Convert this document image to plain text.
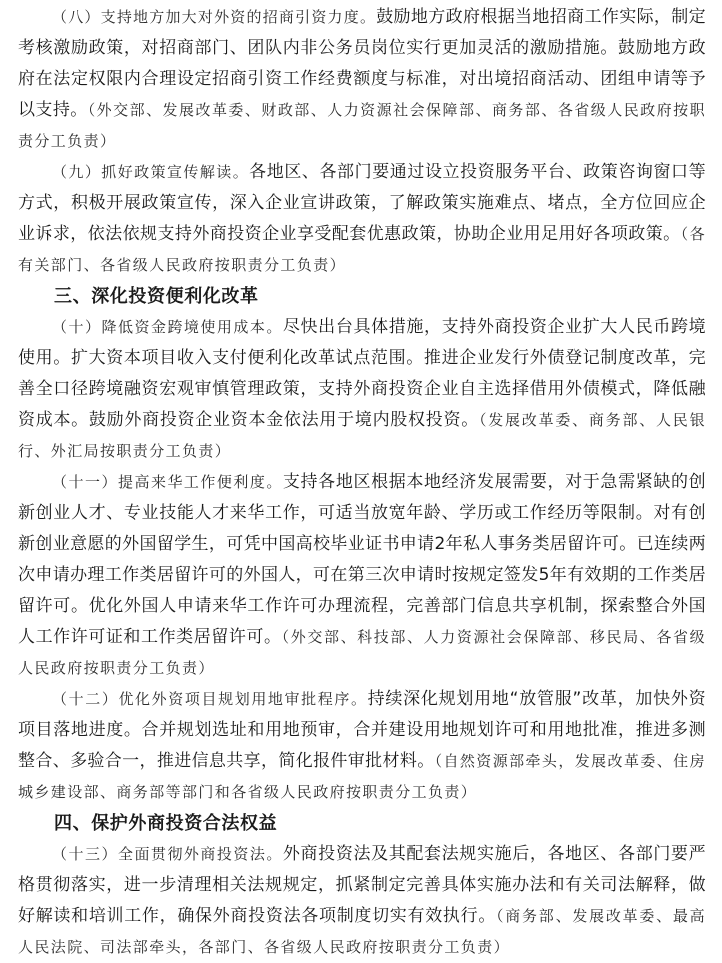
（八）支持地方加大对外资的招商引资力度。鼓励地方政府根据当地招商工作实际，制定考核激励政策，对招商部门、团队内非公务员岗位实行更加灵活的激励措施。鼓励地方政府在法定权限内合理设定招商引资工作经费额度与标准，对出境招商活动、团组申请等予以支持。（外交部、发展改革委、财政部、人力资源社会保障部、商务部、各省级人民政府按职责分工负责）

（九）抓好政策宣传解读。各地区、各部门要通过设立投资服务平台、政策咨询窗口等方式，积极开展政策宣传，深入企业宣讲政策，了解政策实施难点、堵点，全方位回应企业诉求，依法依规支持外商投资企业享受配套优惠政策，协助企业用足用好各项政策。（各有关部门、各省级人民政府按职责分工负责）

三、深化投资便利化改革

（十）降低资金跨境使用成本。尽快出台具体措施，支持外商投资企业扩大人民币跨境使用。扩大资本项目收入支付便利化改革试点范围。推进企业发行外债登记制度改革，完善全口径跨境融资宏观审慎管理政策，支持外商投资企业自主选择借用外债模式，降低融资成本。鼓励外商投资企业资本金依法用于境内股权投资。（发展改革委、商务部、人民银行、外汇局按职责分工负责）

（十一）提高来华工作便利度。支持各地区根据本地经济发展需要，对于急需紧缺的创新创业人才、专业技能人才来华工作，可适当放宽年龄、学历或工作经历等限制。对有创新创业意愿的外国留学生，可凭中国高校毕业证书申请2年私人事务类居留许可。已连续两次申请办理工作类居留许可的外国人，可在第三次申请时按规定签发5年有效期的工作类居留许可。优化外国人申请来华工作许可办理流程，完善部门信息共享机制，探索整合外国人工作许可证和工作类居留许可。（外交部、科技部、人力资源社会保障部、移民局、各省级人民政府按职责分工负责）

（十二）优化外资项目规划用地审批程序。持续深化规划用地“放管服”改革，加快外资项目落地进度。合并规划选址和用地预审，合并建设用地规划许可和用地批准，推进多测整合、多验合一，推进信息共享，简化报件审批材料。（自然资源部牵头，发展改革委、住房城乡建设部、商务部等部门和各省级人民政府按职责分工负责）

四、保护外商投资合法权益

（十三）全面贯彻外商投资法。外商投资法及其配套法规实施后，各地区、各部门要严格贯彻落实，进一步清理相关法规规定，抓紧制定完善具体实施办法和有关司法解释，做好解读和培训工作，确保外商投资法各项制度切实有效执行。（商务部、发展改革委、最高人民法院、司法部牵头，各部门、各省级人民政府按职责分工负责）
